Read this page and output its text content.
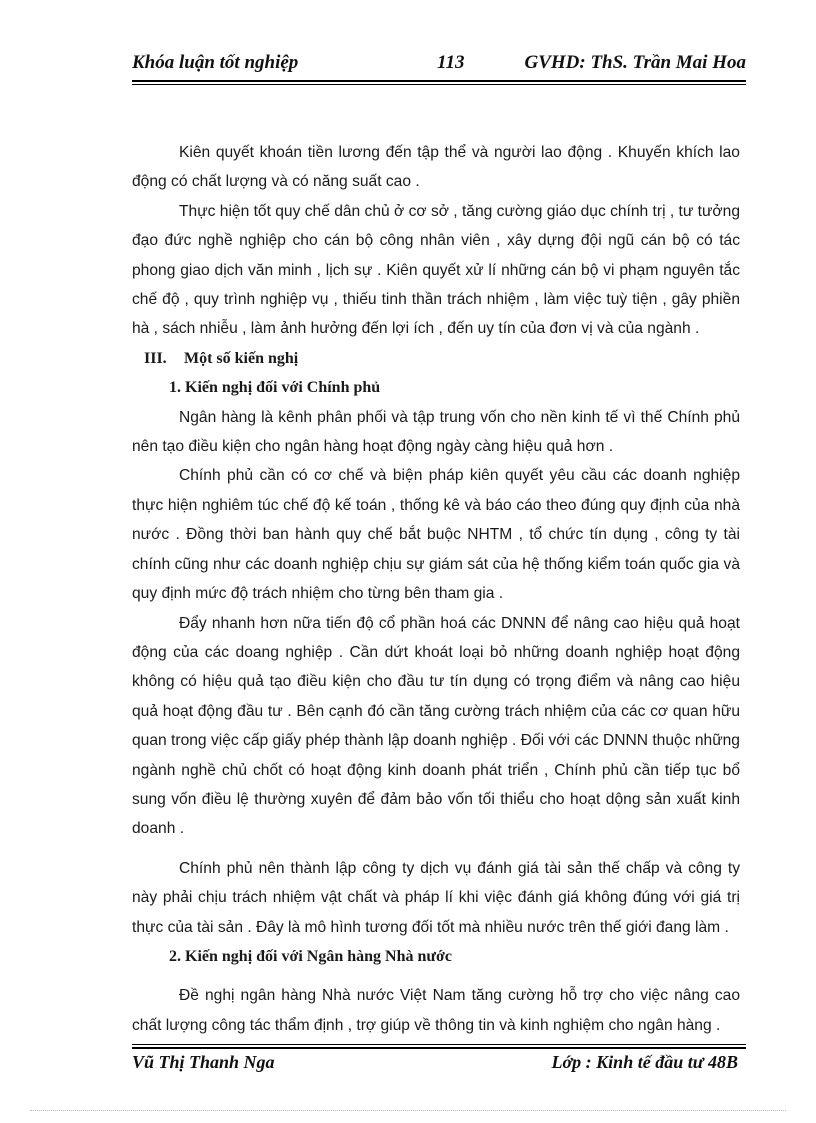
Khóa luận tốt nghiệp	113	GVHD: ThS. Trần Mai Hoa

Kiên quyết khoán tiền lương đến tập thể và người lao động . Khuyến khích lao động có chất lượng và có năng suất cao .

Thực hiện tốt quy chế dân chủ ở cơ sở , tăng cường giáo dục chính trị , tư tưởng đạo đức nghề nghiệp cho cán bộ công nhân viên , xây dựng đội ngũ cán bộ có tác phong giao dịch văn minh , lịch sự . Kiên quyết xử lí những cán bộ vi phạm nguyên tắc chế độ , quy trình nghiệp vụ , thiếu tinh thần trách nhiệm , làm việc tuỳ tiện , gây phiền hà , sách nhiễu , làm ảnh hưởng đến lợi ích , đến uy tín của đơn vị và của ngành .

III. Một số kiến nghị

1. Kiến nghị đối với Chính phủ

Ngân hàng là kênh phân phối và tập trung vốn cho nền kinh tế vì thế Chính phủ nên tạo điều kiện cho ngân hàng hoạt động ngày càng hiệu quả hơn .

Chính phủ cần có cơ chế và biện pháp kiên quyết yêu cầu các doanh nghiệp thực hiện nghiêm túc chế độ kế toán , thống kê và báo cáo theo đúng quy định của nhà nước . Đồng thời ban hành quy chế bắt buộc NHTM , tổ chức tín dụng , công ty tài chính cũng như các doanh nghiệp chịu sự giám sát của hệ thống kiểm toán quốc gia và quy định mức độ trách nhiệm cho từng bên tham gia .

Đẩy nhanh hơn nữa tiến độ cổ phần hoá các DNNN để nâng cao hiệu quả hoạt động của các doang nghiệp . Cần dứt khoát loại bỏ những doanh nghiệp hoạt động không có hiệu quả tạo điều kiện cho đầu tư tín dụng có trọng điểm và nâng cao hiệu quả hoạt động đầu tư . Bên cạnh đó cần tăng cường trách nhiệm của các cơ quan hữu quan trong việc cấp giấy phép thành lập doanh nghiệp . Đối với các DNNN thuộc những ngành nghề chủ chốt có hoạt động kinh doanh phát triển , Chính phủ cần tiếp tục bổ sung vốn điều lệ thường xuyên để đảm bảo vốn tối thiểu cho hoạt dộng sản xuất kinh doanh .

Chính phủ nên thành lập công ty dịch vụ đánh giá tài sản thế chấp và công ty này phải chịu trách nhiệm vật chất và pháp lí khi việc đánh giá không đúng với giá trị thực của tài sản . Đây là mô hình tương đối tốt mà nhiều nước trên thế giới đang làm .

2. Kiến nghị đối với Ngân hàng Nhà nước

Đề nghị ngân hàng Nhà nước Việt Nam tăng cường hỗ trợ cho việc nâng cao chất lượng công tác thẩm định , trợ giúp về thông tin và kinh nghiệm cho ngân hàng .

Vũ Thị Thanh Nga	Lớp : Kinh tế đầu tư 48B
